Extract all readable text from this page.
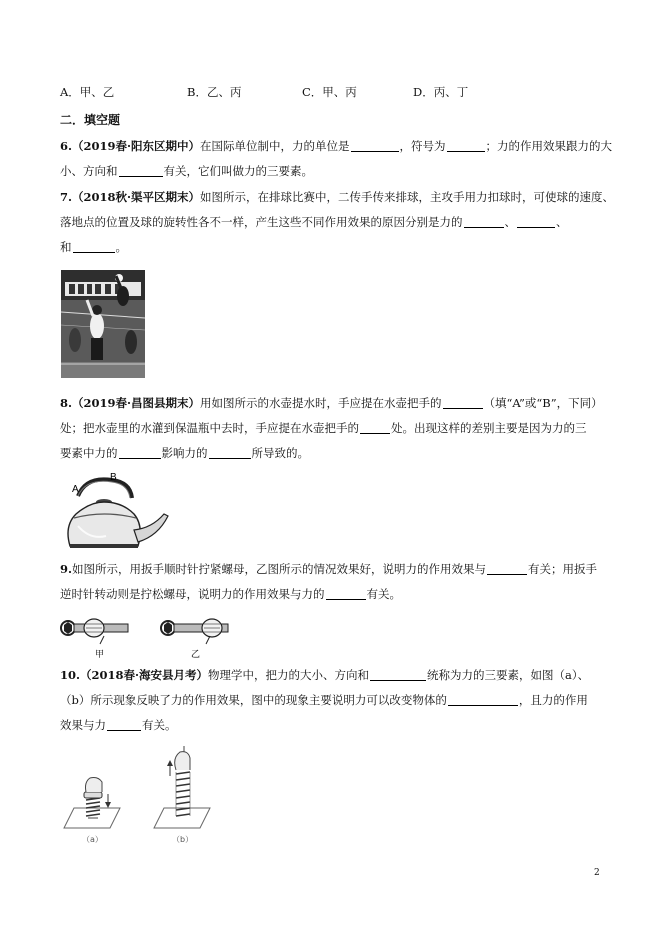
A．甲、乙	B．乙、丙	C．甲、丙	D．丙、丁
二．填空题
6.（2019春·阳东区期中）在国际单位制中，力的单位是	，符号为	；力的作用效果跟力的大
小、方向和	有关，它们叫做力的三要素。
7.（2018秋·渠平区期末）如图所示，在排球比赛中，二传手传来排球，主攻手用力扣球时，可使球的速度、
落地点的位置及球的旋转性各不一样，产生这些不同作用效果的原因分别是力的	、	、
和	。
8.（2019春·昌图县期末）用如图所示的水壶提水时，手应提在水壶把手的	（填“A”或“B”，下同）
处；把水壶里的水灌到保温瓶中去时，手应提在水壶把手的	处。出现这样的差别主要是因为力的三
要素中力的	影响力的	所导致的。
A
B
9.如图所示，用扳手顺时针拧紧螺母，乙图所示的情况效果好，说明力的作用效果与	有关；用扳手
逆时针转动则是拧松螺母，说明力的作用效果与力的	有关。
甲	乙
10.（2018春·海安县月考）物理学中，把力的大小、方向和	统称为力的三要素，如图（a）、
（b）所示现象反映了力的作用效果，图中的现象主要说明力可以改变物体的	，且力的作用
效果与力	有关。
（a）	（b）
2
